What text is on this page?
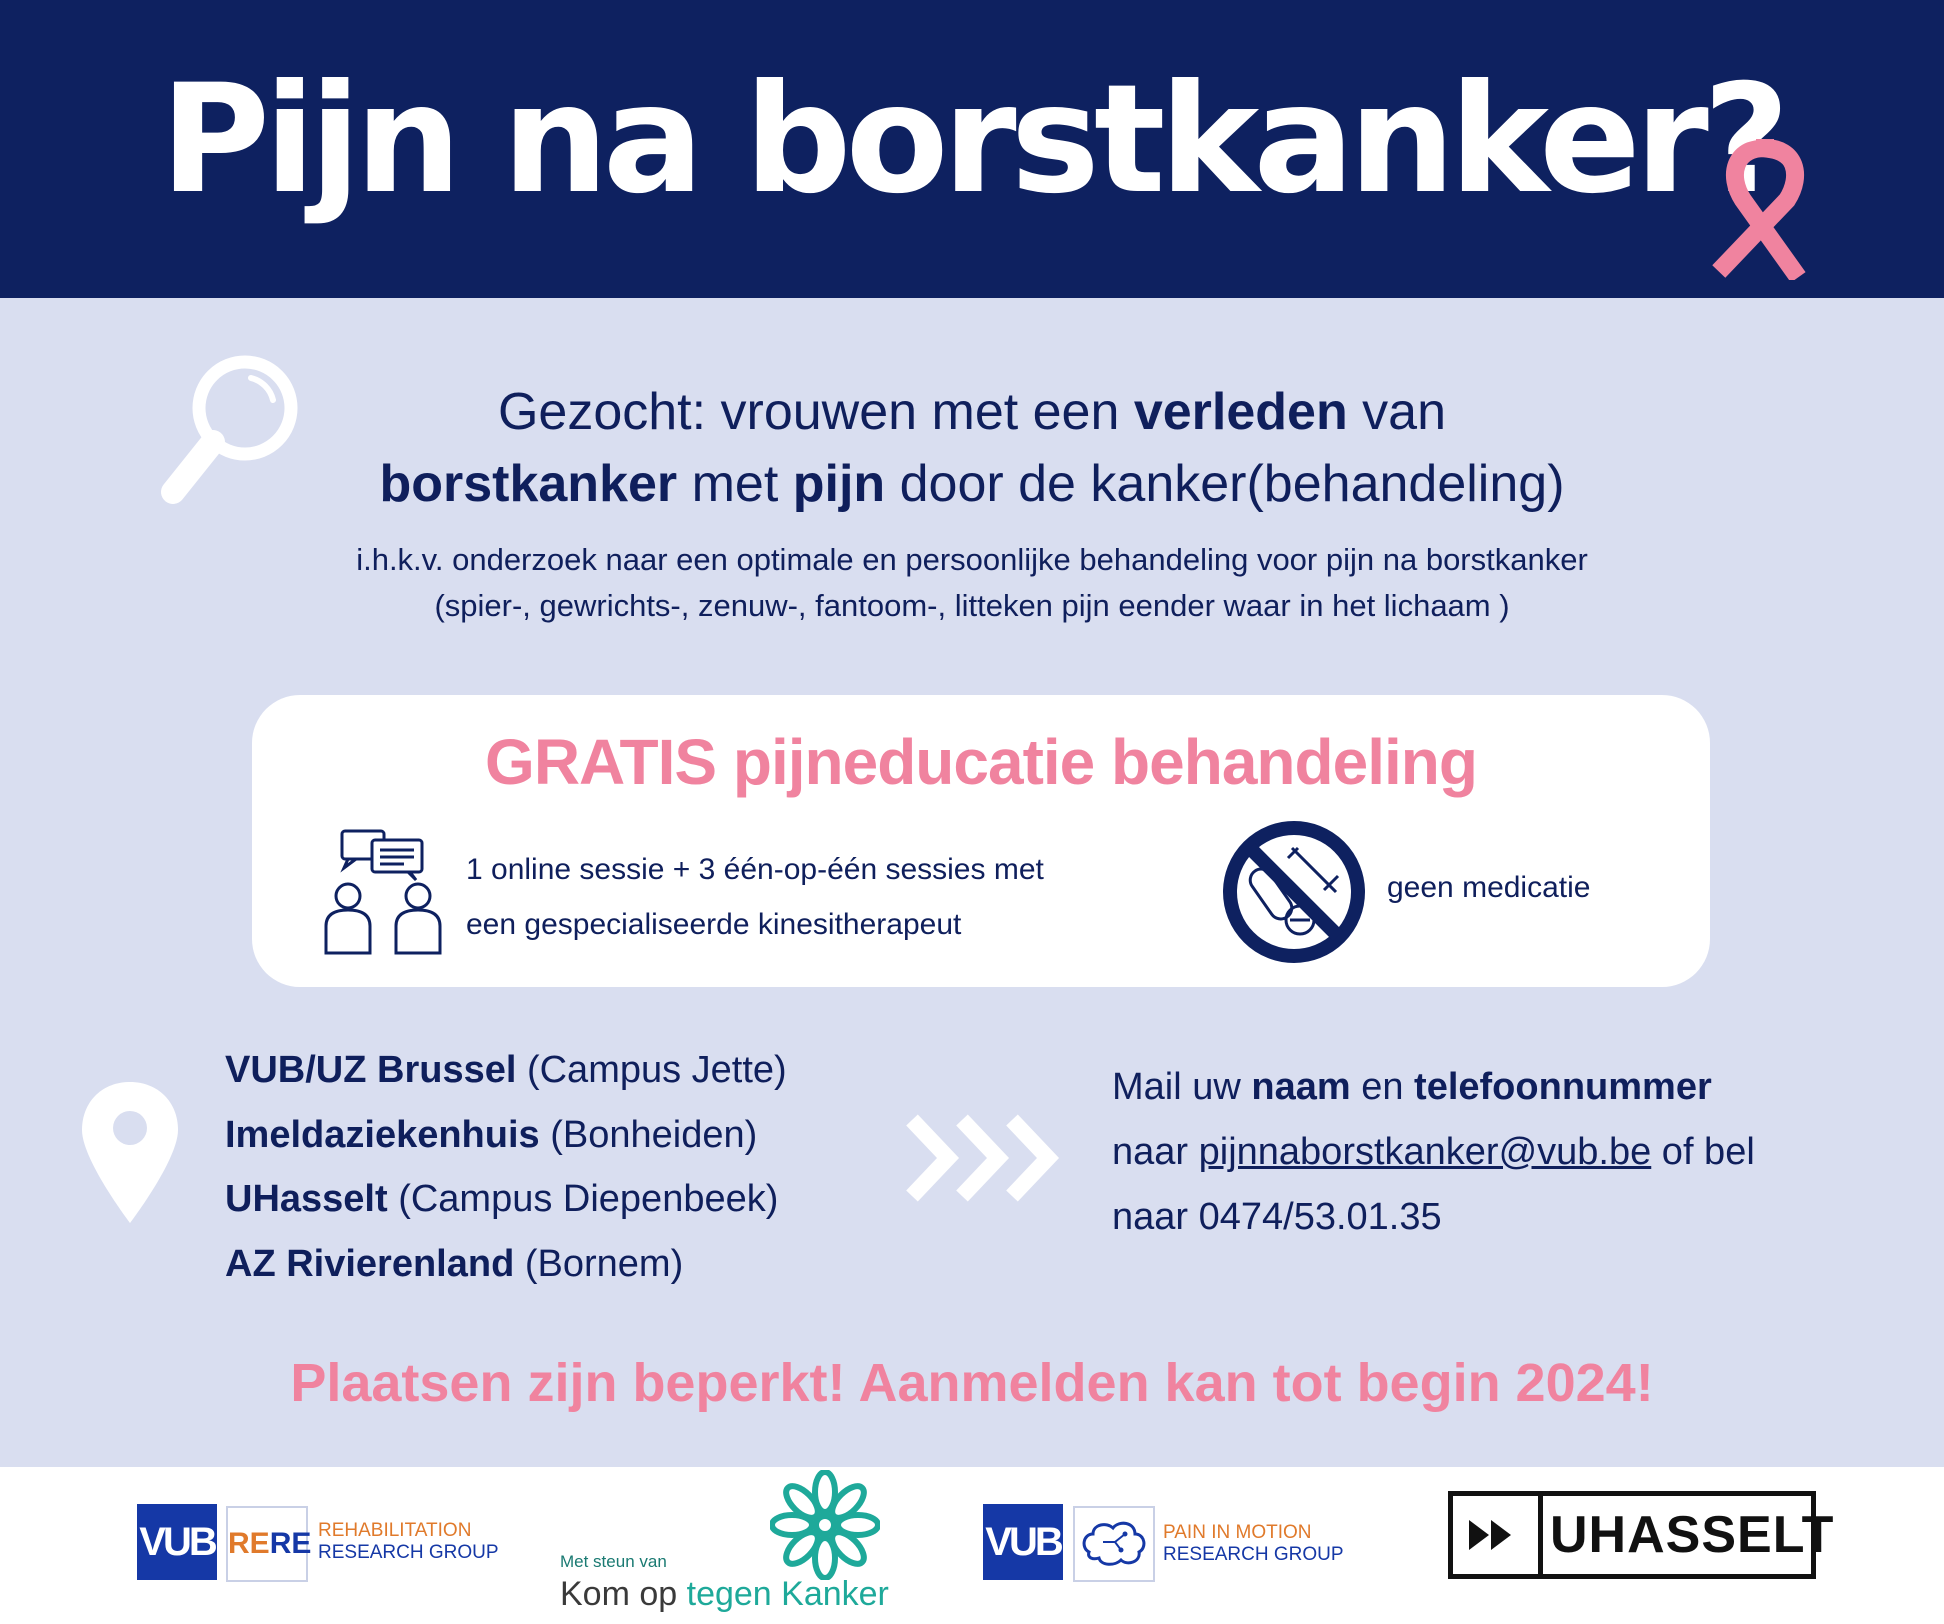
Pijn na borstkanker?
Gezocht: vrouwen met een verleden van
borstkanker met pijn door de kanker(behandeling)
i.h.k.v. onderzoek naar een optimale en persoonlijke behandeling voor pijn na borstkanker
(spier-, gewrichts-, zenuw-, fantoom-, litteken pijn eender waar in het lichaam )
GRATIS pijneducatie behandeling
1 online sessie + 3 één-op-één sessies met
een gespecialiseerde kinesitherapeut
geen medicatie
VUB/UZ Brussel (Campus Jette)
Imeldaziekenhuis (Bonheiden)
UHasselt (Campus Diepenbeek)
AZ Rivierenland (Bornem)
Mail uw naam en telefoonnummer
naar pijnnaborstkanker@vub.be of bel
naar 0474/53.01.35
Plaatsen zijn beperkt! Aanmelden kan tot begin 2024!
VUB RERE REHABILITATION
RESEARCH GROUP	Met steun van
Kom op tegen Kanker
VUB	PAIN IN MOTION
RESEARCH GROUP	UHASSELT
